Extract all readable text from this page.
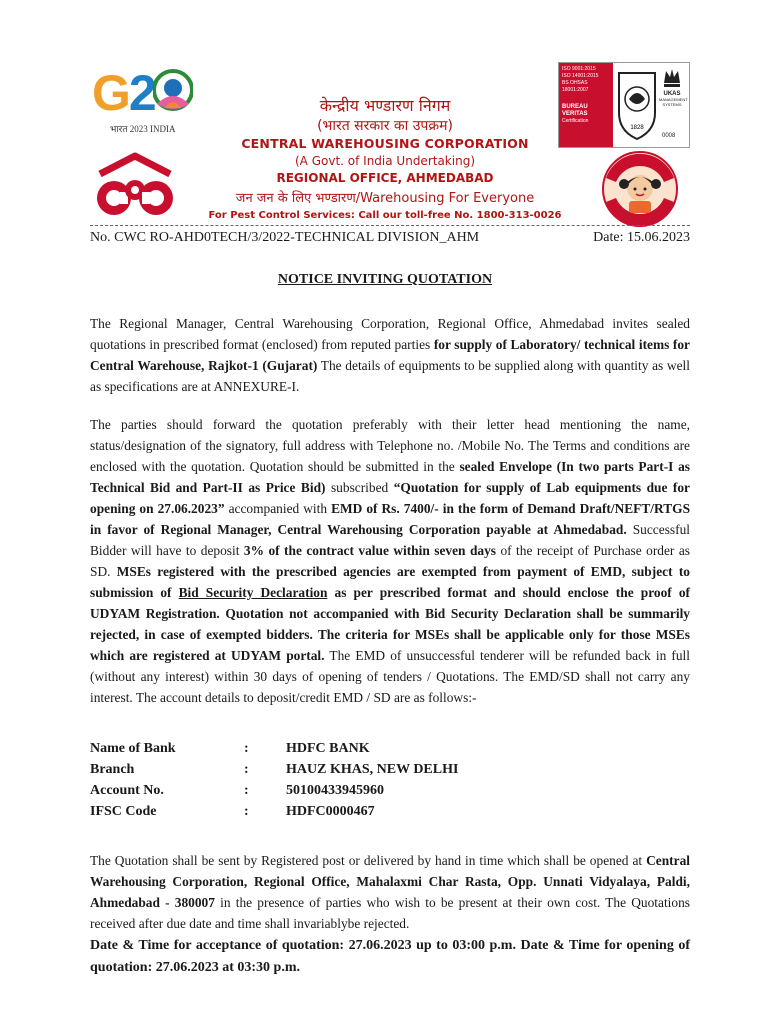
G2
भारत 2023 INDIA
केन्द्रीय भण्डारण निगम
(भारत सरकार का उपक्रम)
CENTRAL WAREHOUSING CORPORATION
(A Govt. of India Undertaking)
REGIONAL OFFICE, AHMEDABAD
जन जन के लिए भण्डारण/Warehousing For Everyone
For Pest Control Services: Call our toll-free No. 1800-313-0026
ISO 9001:2015
ISO 14001:2015
BS OHSAS 18001:2007
BUREAU VERITAS
Certification
1828
UKAS
MANAGEMENT SYSTEMS
0008
No. CWC RO-AHD0TECH/3/2022-TECHNICAL DIVISION_AHM	Date: 15.06.2023
NOTICE INVITING QUOTATION
The Regional Manager, Central Warehousing Corporation, Regional Office, Ahmedabad invites sealed quotations in prescribed format (enclosed) from reputed parties for supply of Laboratory/ technical items for Central Warehouse, Rajkot-1 (Gujarat) The details of equipments to be supplied along with quantity as well as specifications are at ANNEXURE-I.
The parties should forward the quotation preferably with their letter head mentioning the name, status/designation of the signatory, full address with Telephone no. /Mobile No. The Terms and conditions are enclosed with the quotation. Quotation should be submitted in the sealed Envelope (In two parts Part-I as Technical Bid and Part-II as Price Bid) subscribed “Quotation for supply of Lab equipments due for opening on 27.06.2023” accompanied with EMD of Rs. 7400/- in the form of Demand Draft/NEFT/RTGS in favor of Regional Manager, Central Warehousing Corporation payable at Ahmedabad. Successful Bidder will have to deposit 3% of the contract value within seven days of the receipt of Purchase order as SD. MSEs registered with the prescribed agencies are exempted from payment of EMD, subject to submission of Bid Security Declaration as per prescribed format and should enclose the proof of UDYAM Registration. Quotation not accompanied with Bid Security Declaration shall be summarily rejected, in case of exempted bidders. The criteria for MSEs shall be applicable only for those MSEs which are registered at UDYAM portal. The EMD of unsuccessful tenderer will be refunded back in full (without any interest) within 30 days of opening of tenders / Quotations. The EMD/SD shall not carry any interest. The account details to deposit/credit EMD / SD are as follows:-
Name of Bank	:	HDFC BANK
Branch	:	HAUZ KHAS, NEW DELHI
Account No.	:	50100433945960
IFSC Code	:	HDFC0000467
The Quotation shall be sent by Registered post or delivered by hand in time which shall be opened at Central Warehousing Corporation, Regional Office, Mahalaxmi Char Rasta, Opp. Unnati Vidyalaya, Paldi, Ahmedabad - 380007 in the presence of parties who wish to be present at their own cost. The Quotations received after due date and time shall invariablybe rejected.
Date & Time for acceptance of quotation: 27.06.2023 up to 03:00 p.m. Date & Time for opening of quotation: 27.06.2023 at 03:30 p.m.
